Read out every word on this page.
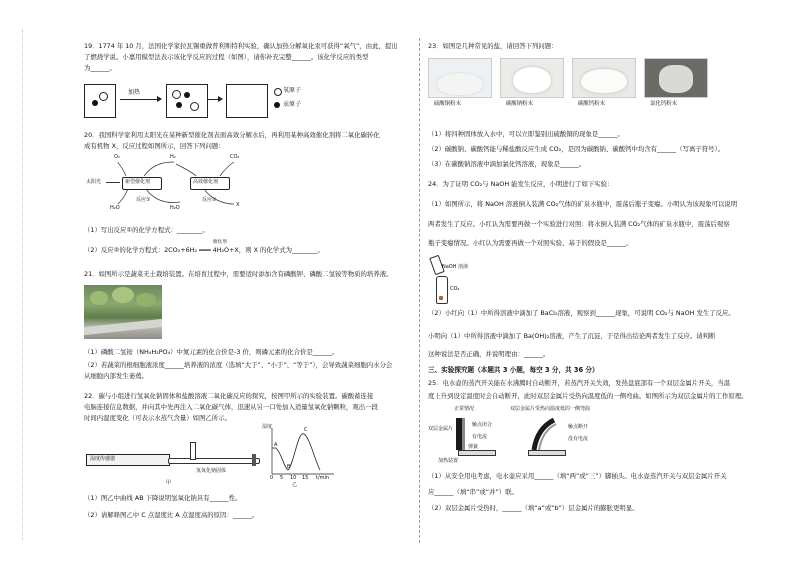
19．1774 年 10 月，法国化学家拉瓦锡重做普利斯特利实验，确认加热分解氧化汞可获得“氧气”，由此，提出
了燃烧学说。小嘉用模型法表示该化学反应的过程（如图），请你补充完整______。该化学反应的类型
为______。
加热	氧原子
汞原子
20．我国科学家利用太阳光在某种新型催化剂表面高效分解水后，再利用某种高效催化剂将二氧化碳转化
成有机物 X，反应过程如图所示，回答下列问题：
O₂	H₂	CO₂
太阳光	新型催化剂	高效催化剂
H₂O
反应①
H₂O
反应②
X
（1）写出反应①的化学方程式：________。
催化剂
（2）反应②的化学方程式：2CO₂+6H₂ ═══ 4H₂O+X，则 X 的化学式为________。
21．如图所示是蔬菜无土栽培装置。在培育过程中，需要适时添加含有磷酸钾、磷酸二氢铵等物质的培养液。
（1）磷酸二氢铵（NH₄H₂PO₄）中氮元素的化合价是-3 价，则磷元素的化合价是______。
（2）若蔬菜的根细胞液浓度______培养液的浓度（选填“大于”、“小于”、“等于”），会导致蔬菜细胞内水分会
从细胞内部发生萎蔫。
22．碳与小组进行氢氧化钠固体和盐酸溶液二氧化碳反应的探究，按图甲所示的实验装置。碳酸蓄连接
电脑连接信息数据，并向其中先再注入二氧化碳气体，迅速从另一口处加入适量氢氧化钠颗粒，观出一段
时间内湿度变化（可表示水蒸气含量）如图乙所示。
湿度传感器
氢氧化钠固体
甲
湿度
A
B
C
0 5 10 15 t/min
乙
（1）图乙中曲线 AB 下降说明氢氧化钠具有______性。
（2）请解释图乙中 C 点湿度比 A 点湿度高的原因：______。
23．如图是几种常见的盐，请回答下列问题：
硫酸铜粉末	碳酸钠粉末	碳酸钙粉末	氯化钙粉末
（1）将四种固体放入水中，可以立即鉴别出硫酸铜的现象是______。
（2）碳酸钠、碳酸钙能与稀盐酸反应生成 CO₂，是因为碳酸钠、碳酸钙中均含有______（写离子符号）。
（3）在碳酸钠溶液中滴加氯化钙溶液，现象是______。
24．为了证明 CO₂与 NaOH 能发生反应，小明进行了如下实验：
（1）如图所示，将 NaOH 溶液倒入装满 CO₂气体的矿泉水瓶中，震荡后瓶子变瘪。小明认为该现象可以说明
两者发生了反应。小红认为需要再做一个实验进行对照：将水倒入装满 CO₂气体的矿泉水瓶中，震荡后观察
瓶子变瘪情况。小红认为需要再做一个对照实验，基于的假设是______。
NaOH 溶液
CO₂
（2）小红向（1）中所得溶液中滴加了 BaCl₂溶液，观察到______现象，可说明 CO₂与 NaOH 发生了反应。
小明向（1）中所得溶液中滴加了 Ba(OH)₂溶液，产生了沉淀，于是得出结论两者发生了反应。请判断
这种说法是否正确，并说明理由：______。
三、实验探究题（本题共 3 小题，每空 3 分，共 36 分）
25．电水壶的蒸汽开关能在水沸腾时自动断开，若蒸汽开关失效，发热盘底部有一个双层金属片开关，当温
度上升到设定温度时会自动断开，此时双层金属片受热向温度低的一侧弯曲。如图所示为双层金属片的工作原理。
正常情况	双层金属片受热向温度低的一侧弯曲
双层金属片
触点闭合
有电流
弹簧
加热装置
触点断开
没有电流
（1）从安全用电考虑，电水壶应采用______（填“两”或“三”）脚插头。电水壶蒸汽开关与双层金属片开关
应______（填“串”或“并”）联。
（2）双层金属片受热时，______（填“a”或“b”）层金属片的膨胀更明显。
